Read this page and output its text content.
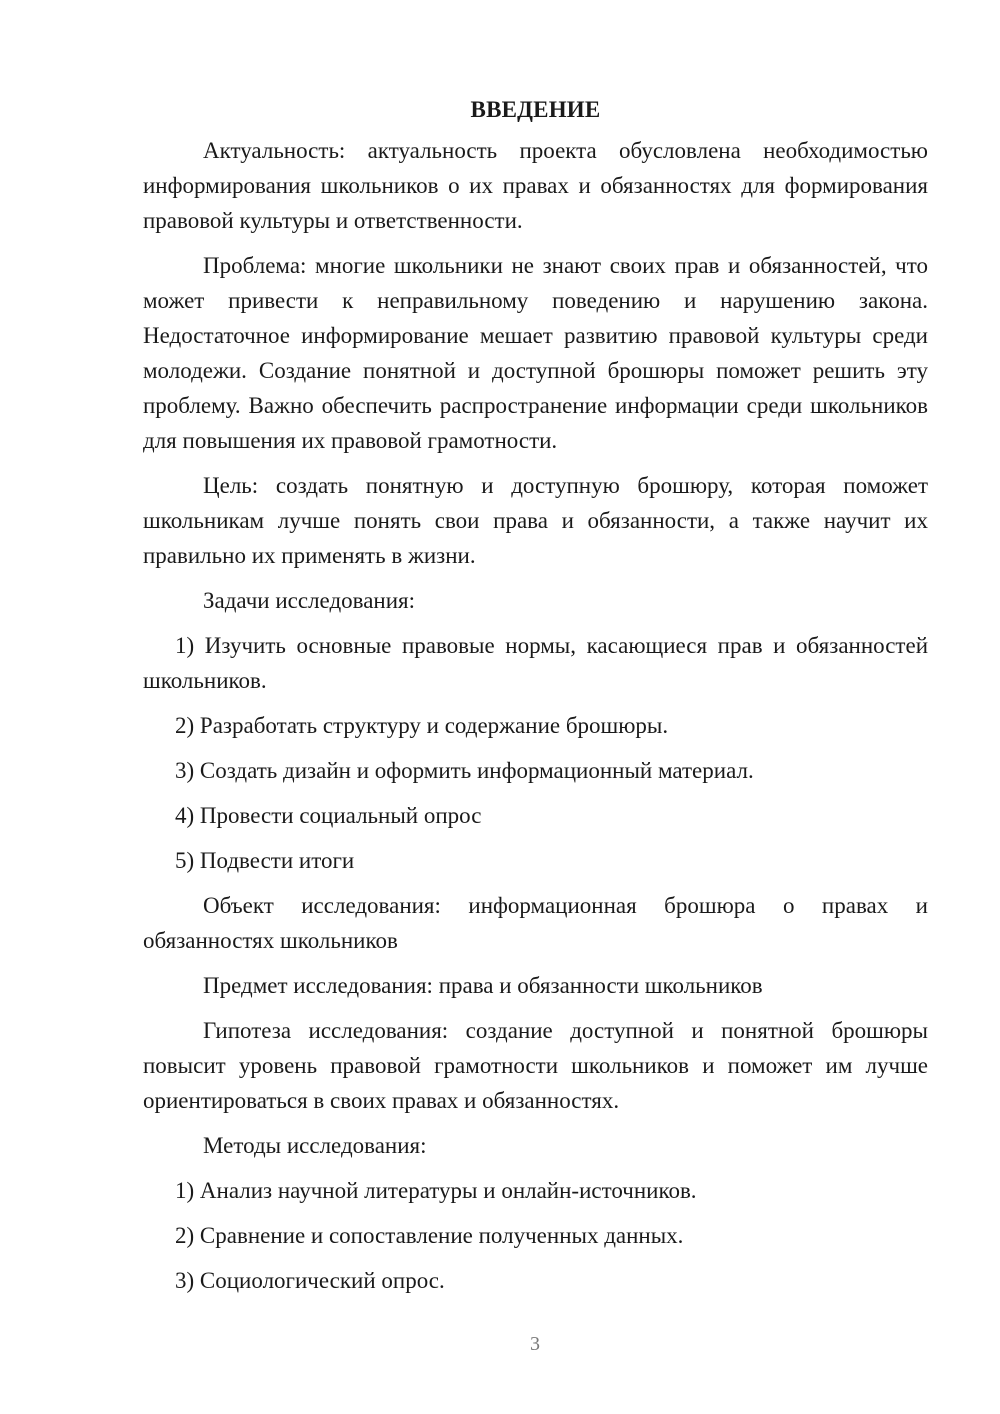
ВВЕДЕНИЕ

Актуальность: актуальность проекта обусловлена необходимостью информирования школьников о их правах и обязанностях для формирования правовой культуры и ответственности.

Проблема: многие школьники не знают своих прав и обязанностей, что может привести к неправильному поведению и нарушению закона. Недостаточное информирование мешает развитию правовой культуры среди молодежи. Создание понятной и доступной брошюры поможет решить эту проблему. Важно обеспечить распространение информации среди школьников для повышения их правовой грамотности.

Цель: создать понятную и доступную брошюру, которая поможет школьникам лучше понять свои права и обязанности, а также научит их правильно их применять в жизни.

Задачи исследования:

1) Изучить основные правовые нормы, касающиеся прав и обязанностей школьников.

2) Разработать структуру и содержание брошюры.

3) Создать дизайн и оформить информационный материал.

4) Провести социальный опрос

5) Подвести итоги

Объект исследования: информационная брошюра о правах и обязанностях школьников

Предмет исследования: права и обязанности школьников

Гипотеза исследования: создание доступной и понятной брошюры повысит уровень правовой грамотности школьников и поможет им лучше ориентироваться в своих правах и обязанностях.

Методы исследования:

1) Анализ научной литературы и онлайн-источников.

2) Сравнение и сопоставление полученных данных.

3) Социологический опрос.

3
